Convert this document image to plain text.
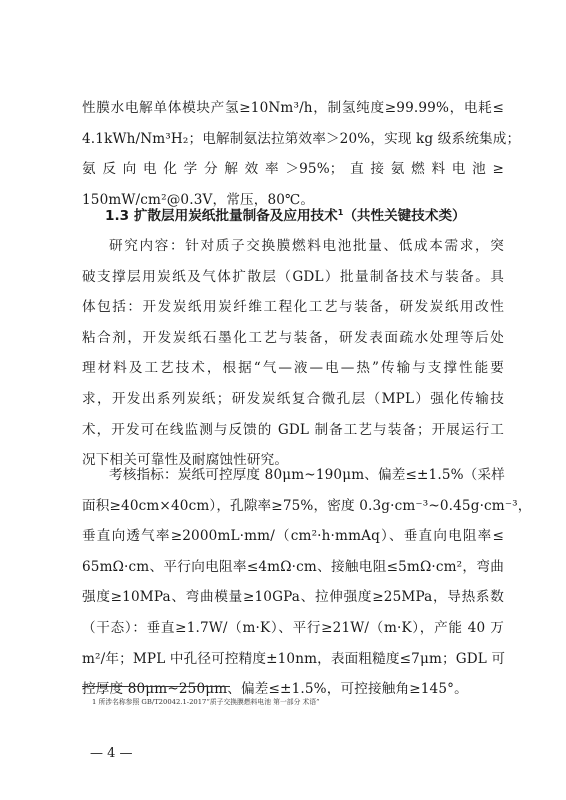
性膜水电解单体模块产氢≥10Nm³/h，制氢纯度≥99.99%，电耗≤
4.1kWh/Nm³H₂；电解制氨法拉第效率＞20%，实现 kg 级系统集成；
氨反向电化学分解效率＞95%；直接氨燃料电池≥
150mW/cm²@0.3V，常压，80℃。
1.3 扩散层用炭纸批量制备及应用技术$^1$（共性关键技术类）
研究内容：针对质子交换膜燃料电池批量、低成本需求，突
破支撑层用炭纸及气体扩散层（GDL）批量制备技术与装备。具
体包括：开发炭纸用炭纤维工程化工艺与装备，研发炭纸用改性
粘合剂，开发炭纸石墨化工艺与装备，研发表面疏水处理等后处
理材料及工艺技术，根据“气—液—电—热”传输与支撑性能要
求，开发出系列炭纸；研发炭纸复合微孔层（MPL）强化传输技
术，开发可在线监测与反馈的 GDL 制备工艺与装备；开展运行工
况下相关可靠性及耐腐蚀性研究。
考核指标：炭纸可控厚度 80μm~190μm、偏差≤±1.5%（采样
面积≥40cm×40cm），孔隙率≥75%，密度 0.3g·cm⁻³~0.45g·cm⁻³，
垂直向透气率≥2000mL·mm/（cm²·h·mmAq）、垂直向电阻率≤
65mΩ·cm、平行向电阻率≤4mΩ·cm、接触电阻≤5mΩ·cm²，弯曲
强度≥10MPa、弯曲模量≥10GPa、拉伸强度≥25MPa，导热系数
（干态）：垂直≥1.7W/（m·K）、平行≥21W/（m·K），产能 40 万
m²/年；MPL 中孔径可控精度±10nm，表面粗糙度≤7μm；GDL 可
控厚度 80μm~250μm、偏差≤±1.5%，可控接触角≥145°。
1 所涉名称参照 GB/T20042.1-2017“质子交换膜燃料电池 第一部分 术语”
— 4 —
